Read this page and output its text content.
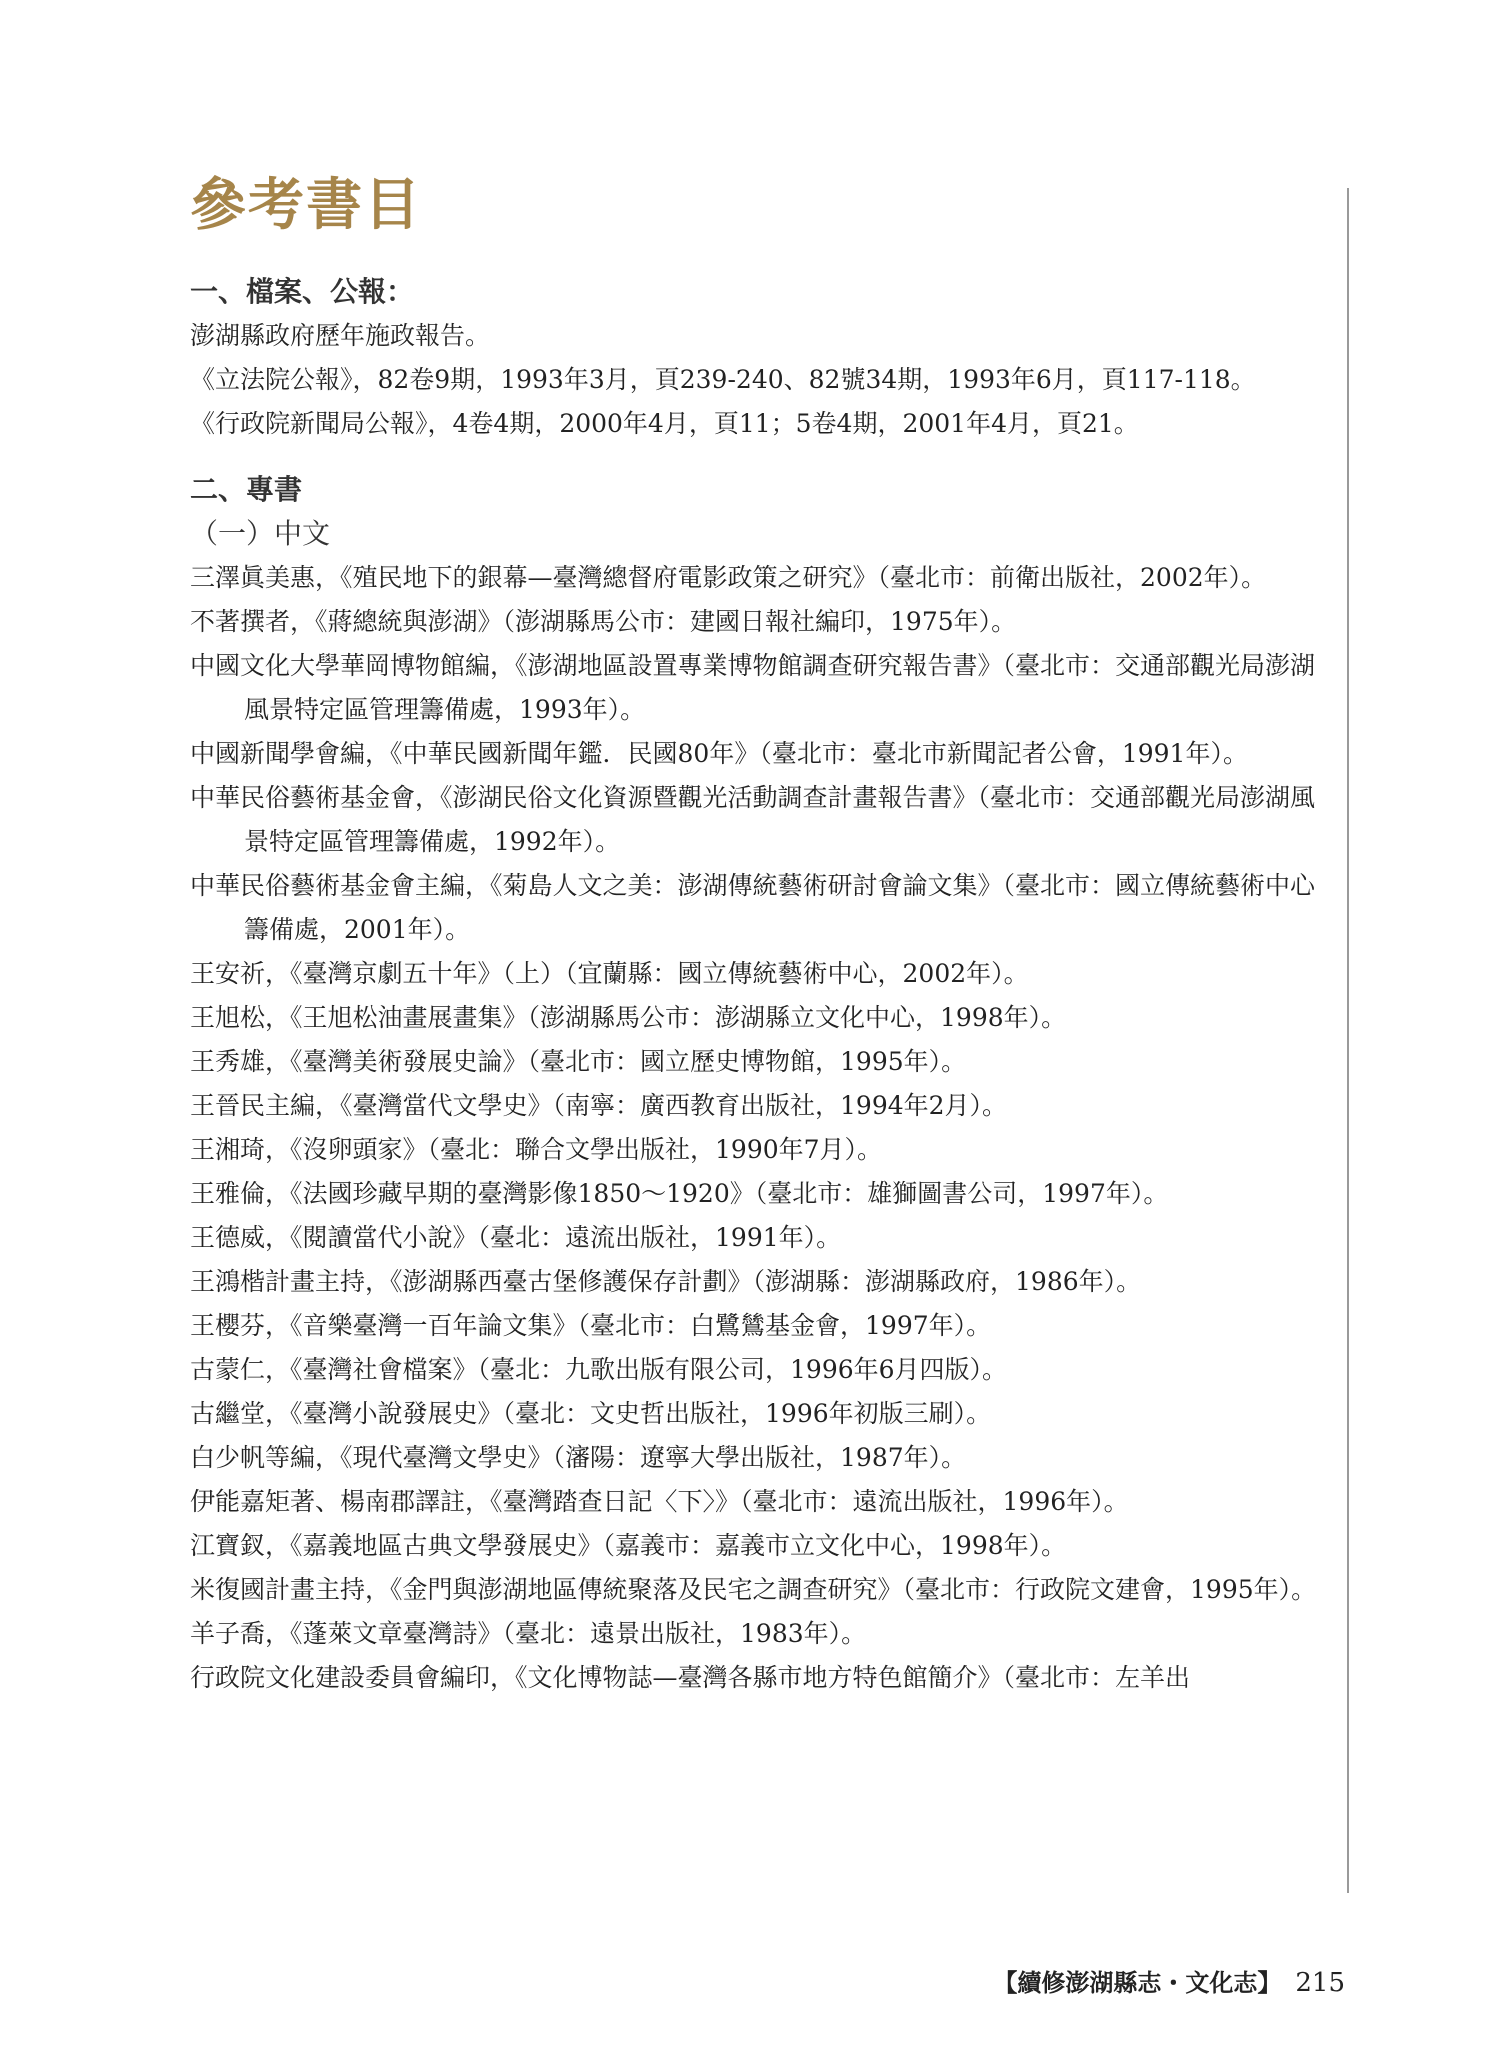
參考書目

一、檔案、公報：

澎湖縣政府歷年施政報告。

《立法院公報》，82卷9期，1993年3月，頁239-240、82號34期，1993年6月，頁117-118。

《行政院新聞局公報》，4卷4期，2000年4月，頁11；5卷4期，2001年4月，頁21。

二、專書

（一）中文

三澤眞美惠，《殖民地下的銀幕—臺灣總督府電影政策之研究》（臺北市：前衛出版社，2002年）。

不著撰者，《蔣總統與澎湖》（澎湖縣馬公市：建國日報社編印，1975年）。

中國文化大學華岡博物館編，《澎湖地區設置專業博物館調查研究報告書》（臺北市：交通部觀光局澎湖風景特定區管理籌備處，1993年）。

中國新聞學會編，《中華民國新聞年鑑．民國80年》（臺北市：臺北市新聞記者公會，1991年）。

中華民俗藝術基金會，《澎湖民俗文化資源暨觀光活動調查計畫報告書》（臺北市：交通部觀光局澎湖風景特定區管理籌備處，1992年）。

中華民俗藝術基金會主編，《菊島人文之美：澎湖傳統藝術研討會論文集》（臺北市：國立傳統藝術中心籌備處，2001年）。

王安祈，《臺灣京劇五十年》（上）（宜蘭縣：國立傳統藝術中心，2002年）。

王旭松，《王旭松油畫展畫集》（澎湖縣馬公市：澎湖縣立文化中心，1998年）。

王秀雄，《臺灣美術發展史論》（臺北市：國立歷史博物館，1995年）。

王晉民主編，《臺灣當代文學史》（南寧：廣西教育出版社，1994年2月）。

王湘琦，《沒卵頭家》（臺北：聯合文學出版社，1990年7月）。

王雅倫，《法國珍藏早期的臺灣影像1850～1920》（臺北市：雄獅圖書公司，1997年）。

王德威，《閱讀當代小說》（臺北：遠流出版社，1991年）。

王鴻楷計畫主持，《澎湖縣西臺古堡修護保存計劃》（澎湖縣：澎湖縣政府，1986年）。

王櫻芬，《音樂臺灣一百年論文集》（臺北市：白鷺鷥基金會，1997年）。

古蒙仁，《臺灣社會檔案》（臺北：九歌出版有限公司，1996年6月四版）。

古繼堂，《臺灣小說發展史》（臺北：文史哲出版社，1996年初版三刷）。

白少帆等編，《現代臺灣文學史》（瀋陽：遼寧大學出版社，1987年）。

伊能嘉矩著、楊南郡譯註，《臺灣踏查日記〈下〉》（臺北市：遠流出版社，1996年）。

江寶釵，《嘉義地區古典文學發展史》（嘉義市：嘉義市立文化中心，1998年）。

米復國計畫主持，《金門與澎湖地區傳統聚落及民宅之調查研究》（臺北市：行政院文建會，1995年）。

羊子喬，《蓬萊文章臺灣詩》（臺北：遠景出版社，1983年）。

行政院文化建設委員會編印，《文化博物誌—臺灣各縣市地方特色館簡介》（臺北市：左羊出

【續修澎湖縣志・文化志】 215
